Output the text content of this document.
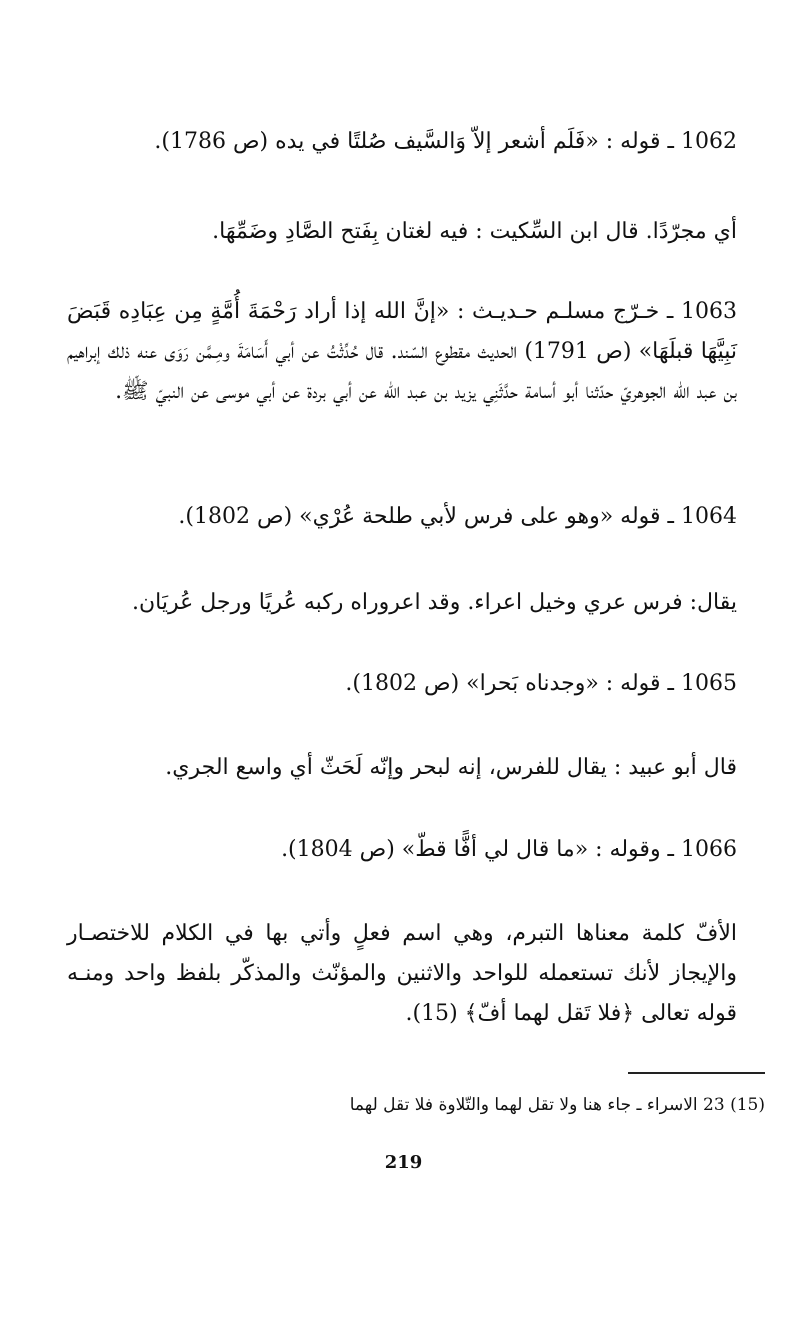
1062 ـ قوله : «فَلَم أشعر إلاّ وَالسَّيف صُلتًا في يده (ص 1786).
أي مجرّدًا. قال ابن السِّكيت : فيه لغتان بِفَتح الصَّادِ وضَمِّهَا.
1063 ـ خـرّج مسلـم حـديـث : «إنَّ الله إذا أراد رَحْمَةَ أُمَّةٍ مِن عِبَادِه قَبَضَ نَبِيَّهَا قبلَهَا» (ص 1791) الحديث مقطوع السّند. قال حُدِّثْتُ عن أبي أَسَامَةَ ومِـمَّن رَوَى عنه ذلك إبراهيم بن عبد الله الجوهريّ حدّثنا أبو أسامة حدَّثَنِي يزيد بن عبد الله عن أبي بردة عن أبي موسى عن النبيّ ﷺ.
1064 ـ قوله «وهو على فرس لأبي طلحة عُرْي» (ص 1802).
يقال: فرس عري وخيل اعراء. وقد اعروراه ركبه عُريًا ورجل عُريَان.
1065 ـ قوله : «وجدناه بَحرا» (ص 1802).
قال أبو عبيد : يقال للفرس، إنه لبحر وإنّه لَحَثّ أي واسع الجري.
1066 ـ وقوله : «ما قال لي أفًّا قطّ» (ص 1804).
الأفّ كلمة معناها التبرم، وهي اسم فعلٍ وأتي بها في الكلام للاختصـار والإيجاز لأنك تستعمله للواحد والاثنين والمؤنّث والمذكّر بلفظ واحد ومنـه قوله تعالى ﴿فلا تَقل لهما أفّ﴾ (15).
(15) 23 الاسراء ـ جاء هنا ولا تقل لهما والتّلاوة فلا تقل لهما
219
